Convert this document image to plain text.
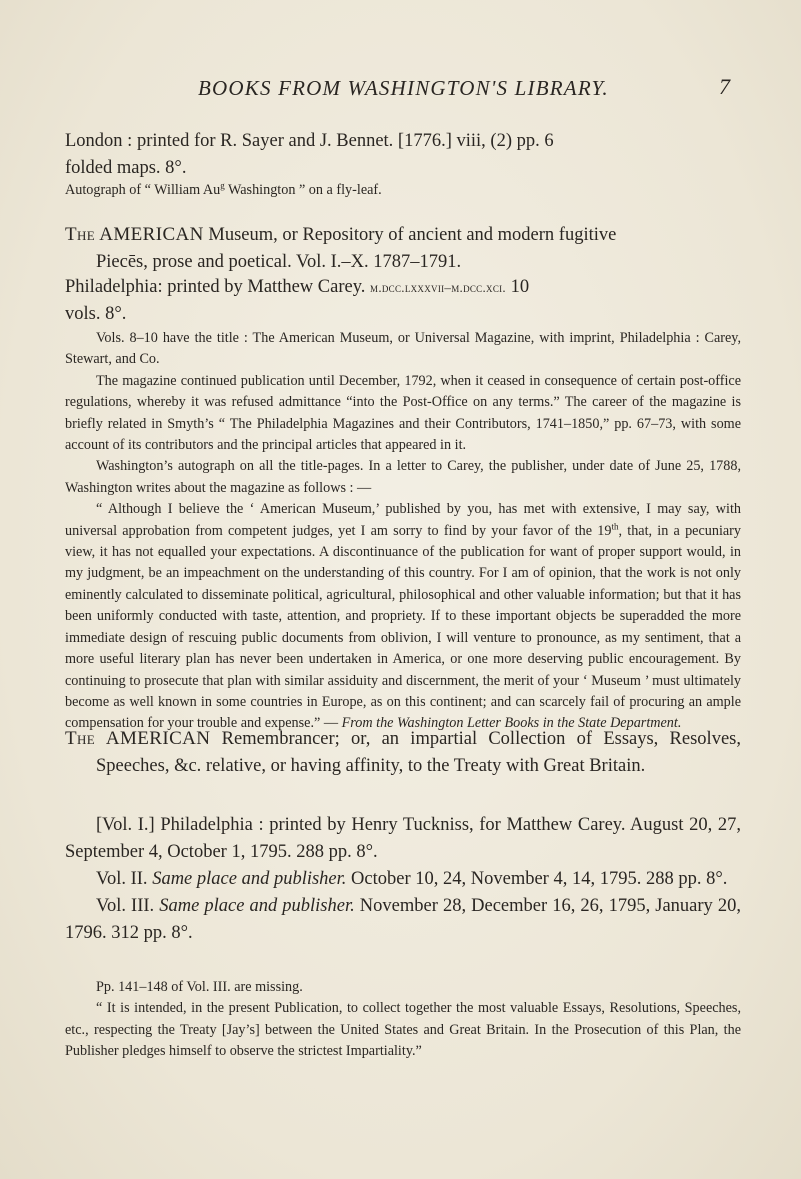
BOOKS FROM WASHINGTON'S LIBRARY.	7
London : printed for R. Sayer and J. Bennet. [1776.] viii, (2) pp. 6
folded maps. 8°.

Autograph of “ William Au$^g$ Washington ” on a fly-leaf.

The AMERICAN Museum, or Repository of ancient and modern fugitive
Piecēs, prose and poetical. Vol. I.–X. 1787–1791.

Philadelphia: printed by Matthew Carey. m.dcc.lxxxvii–m.dcc.xci. 10

vols. 8°.

Vols. 8–10 have the title : The American Museum, or Universal Magazine, with imprint, Philadelphia : Carey, Stewart, and Co.

The magazine continued publication until December, 1792, when it ceased in consequence of certain post-office regulations, whereby it was refused admittance “into the Post-Office on any terms.” The career of the magazine is briefly related in Smyth’s “ The Philadelphia Magazines and their Contributors, 1741–1850,” pp. 67–73, with some account of its contributors and the principal articles that appeared in it.

Washington’s autograph on all the title-pages. In a letter to Carey, the publisher, under date of June 25, 1788, Washington writes about the magazine as follows : —

“ Although I believe the ‘ American Museum,’ published by you, has met with extensive, I may say, with universal approbation from competent judges, yet I am sorry to find by your favor of the 19th, that, in a pecuniary view, it has not equalled your expectations. A discontinuance of the publication for want of proper support would, in my judgment, be an impeachment on the understanding of this country. For I am of opinion, that the work is not only eminently calculated to disseminate political, agricultural, philosophical and other valuable information; but that it has been uniformly conducted with taste, attention, and propriety. If to these important objects be superadded the more immediate design of rescuing public documents from oblivion, I will venture to pronounce, as my sentiment, that a more useful literary plan has never been undertaken in America, or one more deserving public encouragement. By continuing to prosecute that plan with similar assiduity and discernment, the merit of your ‘ Museum ’ must ultimately become as well known in some countries in Europe, as on this continent; and can scarcely fail of procuring an ample compensation for your trouble and expense.” — From the Washington Letter Books in the State Department.

The AMERICAN Remembrancer; or, an impartial Collection of Essays, Resolves, Speeches, &c. relative, or having affinity, to the Treaty with Great Britain.

[Vol. I.] Philadelphia : printed by Henry Tuckniss, for Matthew Carey. August 20, 27, September 4, October 1, 1795. 288 pp. 8°.

Vol. II. Same place and publisher. October 10, 24, November 4, 14, 1795. 288 pp. 8°.

Vol. III. Same place and publisher. November 28, December 16, 26, 1795, January 20, 1796. 312 pp. 8°.

Pp. 141–148 of Vol. III. are missing.

“ It is intended, in the present Publication, to collect together the most valuable Essays, Resolutions, Speeches, etc., respecting the Treaty [Jay’s] between the United States and Great Britain. In the Prosecution of this Plan, the Publisher pledges himself to observe the strictest Impartiality.”
